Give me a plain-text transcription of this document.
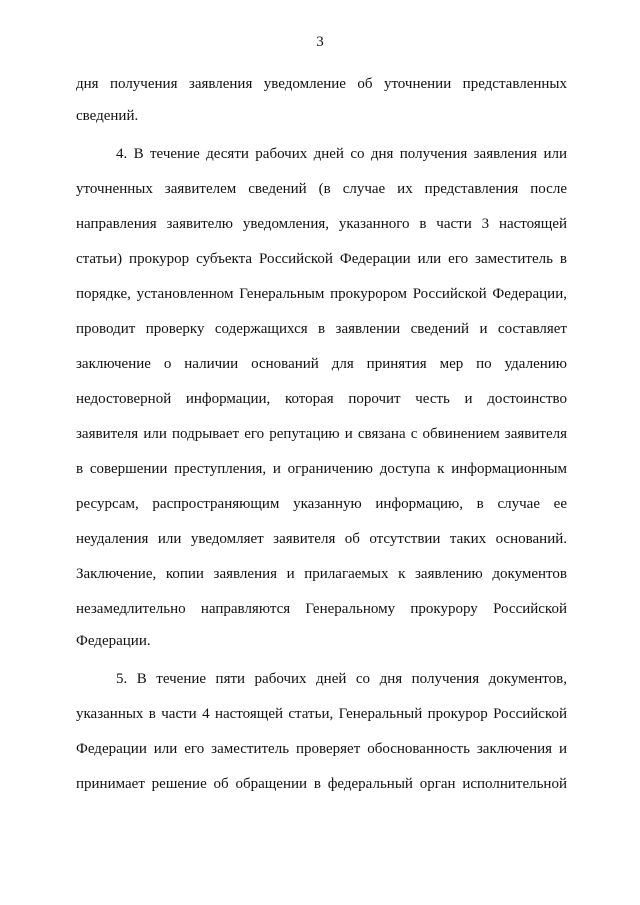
3
дня получения заявления уведомление об уточнении представленных
сведений.
4. В течение десяти рабочих дней со дня получения заявления или
уточненных заявителем сведений (в случае их представления после
направления заявителю уведомления, указанного в части 3 настоящей
статьи) прокурор субъекта Российской Федерации или его заместитель в
порядке, установленном Генеральным прокурором Российской Федерации,
проводит проверку содержащихся в заявлении сведений и составляет
заключение о наличии оснований для принятия мер по удалению
недостоверной информации, которая порочит честь и достоинство
заявителя или подрывает его репутацию и связана с обвинением заявителя
в совершении преступления, и ограничению доступа к информационным
ресурсам, распространяющим указанную информацию, в случае ее
неудаления или уведомляет заявителя об отсутствии таких оснований.
Заключение, копии заявления и прилагаемых к заявлению документов
незамедлительно направляются Генеральному прокурору Российской
Федерации.
5. В течение пяти рабочих дней со дня получения документов,
указанных в части 4 настоящей статьи, Генеральный прокурор Российской
Федерации или его заместитель проверяет обоснованность заключения и
принимает решение об обращении в федеральный орган исполнительной
